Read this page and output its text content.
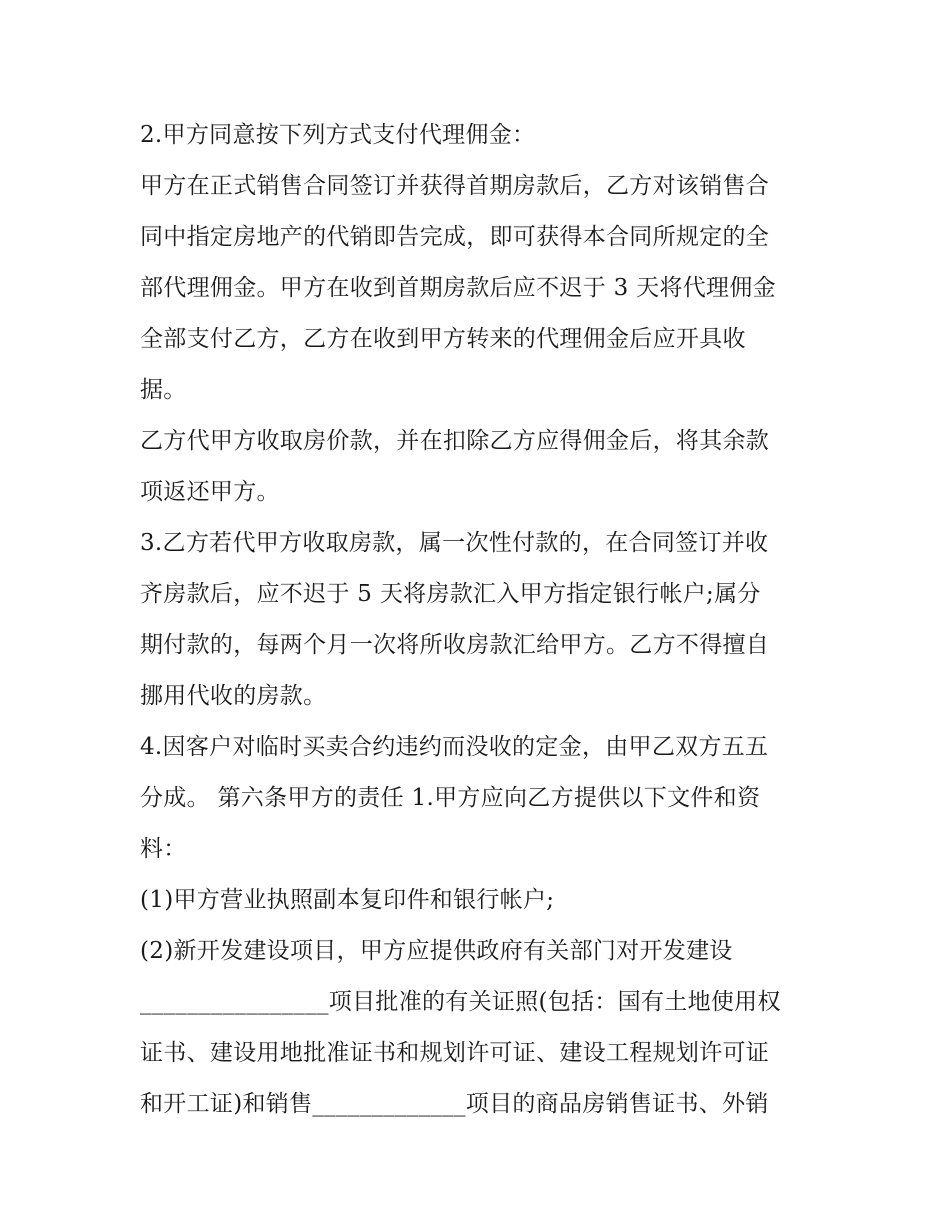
2.甲方同意按下列方式支付代理佣金：
甲方在正式销售合同签订并获得首期房款后，乙方对该销售合
同中指定房地产的代销即告完成，即可获得本合同所规定的全
部代理佣金。甲方在收到首期房款后应不迟于 3 天将代理佣金
全部支付乙方，乙方在收到甲方转来的代理佣金后应开具收
据。
乙方代甲方收取房价款，并在扣除乙方应得佣金后，将其余款
项返还甲方。
3.乙方若代甲方收取房款，属一次性付款的，在合同签订并收
齐房款后，应不迟于 5 天将房款汇入甲方指定银行帐户;属分
期付款的，每两个月一次将所收房款汇给甲方。乙方不得擅自
挪用代收的房款。
4.因客户对临时买卖合约违约而没收的定金，由甲乙双方五五
分成。 第六条甲方的责任 1.甲方应向乙方提供以下文件和资
料：
(1)甲方营业执照副本复印件和银行帐户;
(2)新开发建设项目，甲方应提供政府有关部门对开发建设
________________项目批准的有关证照(包括：国有土地使用权
证书、建设用地批准证书和规划许可证、建设工程规划许可证
和开工证)和销售_____________项目的商品房销售证书、外销
